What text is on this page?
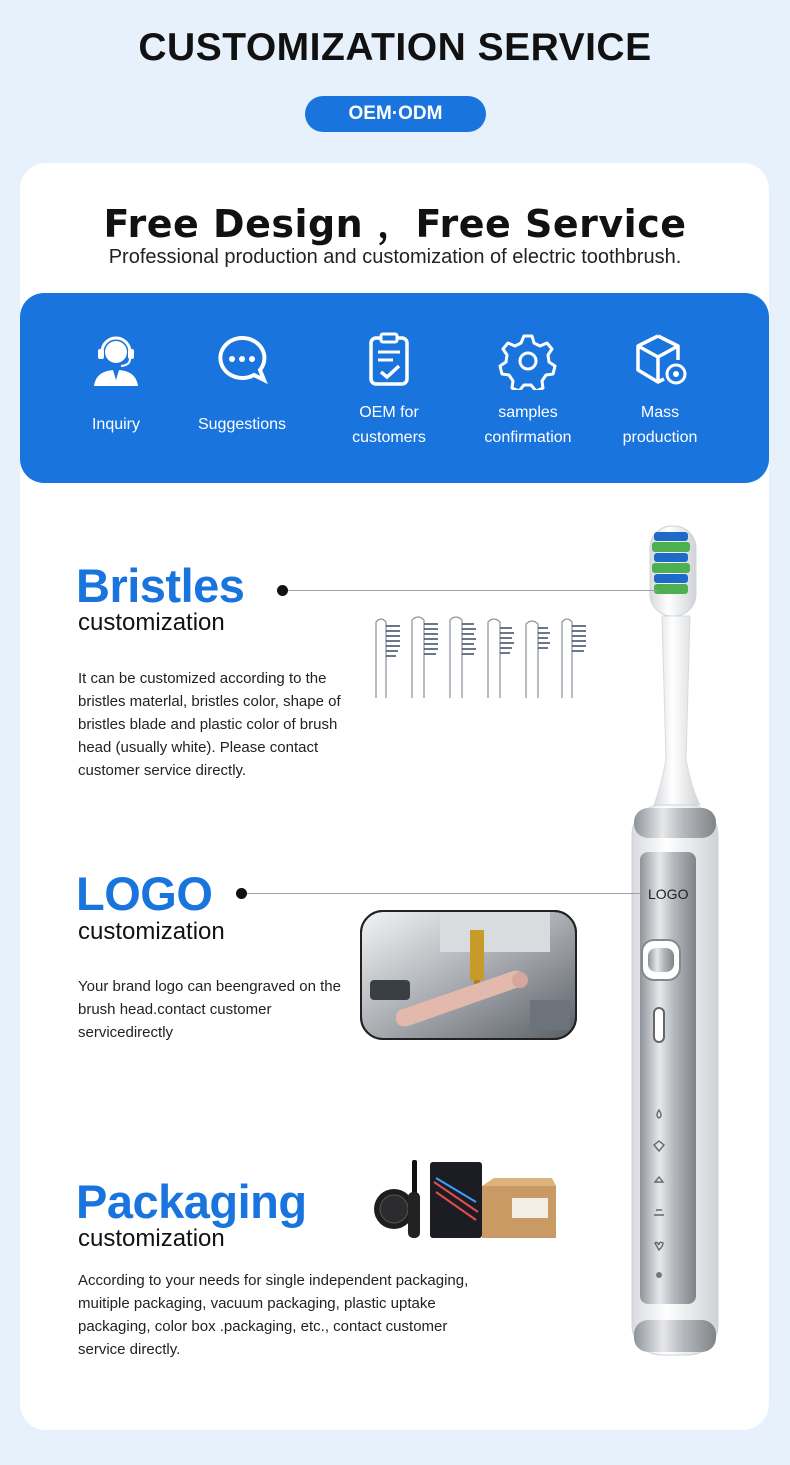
CUSTOMIZATION SERVICE
OEM·ODM
Free Design ，Free Service
Professional production and customization of electric toothbrush.
Inquiry	Suggestions
OEM for customers
samples confirmation
Mass production
LOGO
Bristles
customization
It can be customized according to the bristles materlal, bristles color, shape of bristles blade and plastic color of brush head (usually white). Please contact customer service directly.
LOGO
customization
Your brand logo can beengraved on the brush head.contact customer servicedirectly
Packaging
customization
According to your needs for single independent packaging, muitiple packaging, vacuum packaging, plastic uptake packaging, color box .packaging, etc., contact customer service directly.
